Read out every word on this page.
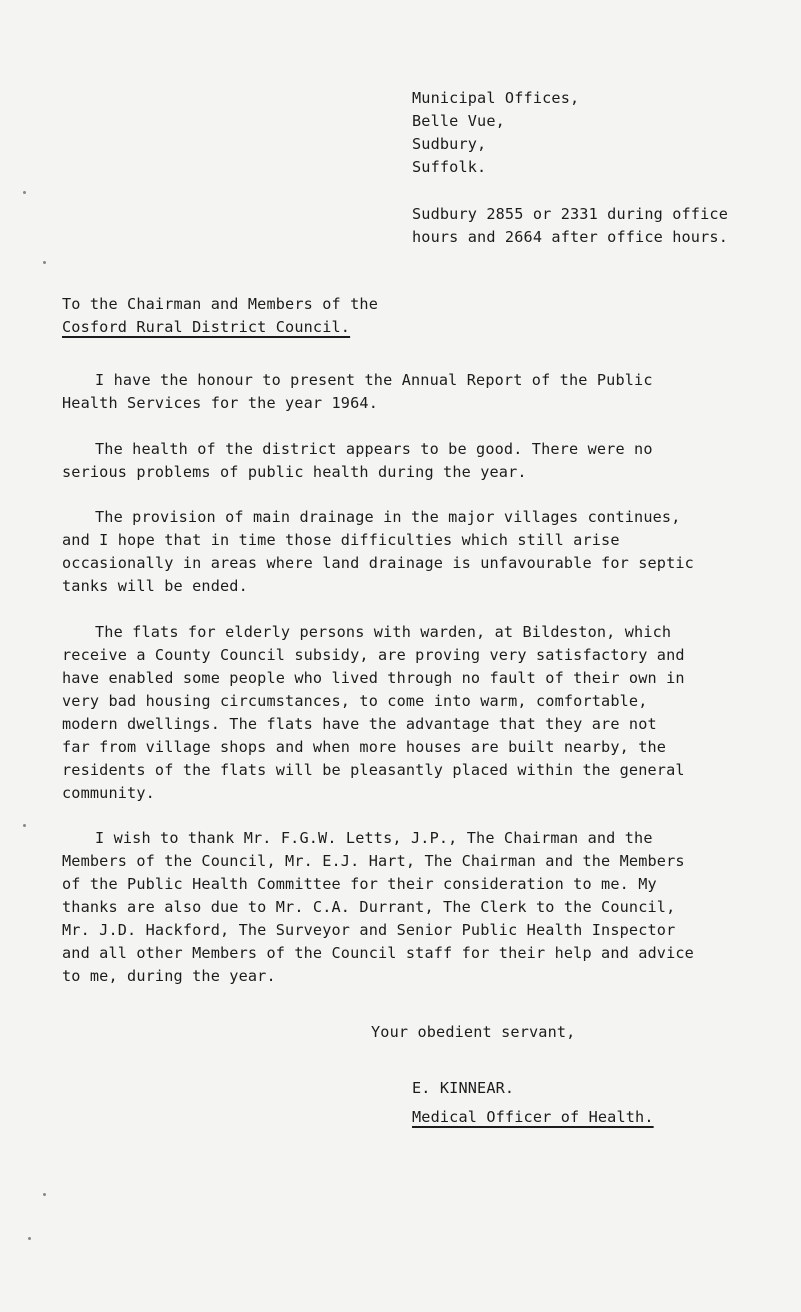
Municipal Offices,
Belle Vue,
Sudbury,
Suffolk.
Sudbury 2855 or 2331 during office
hours and 2664 after office hours.
To the Chairman and Members of the
Cosford Rural District Council.
I have the honour to present the Annual Report of the Public
Health Services for the year 1964.
The health of the district appears to be good. There were no
serious problems of public health during the year.
The provision of main drainage in the major villages continues,
and I hope that in time those difficulties which still arise
occasionally in areas where land drainage is unfavourable for septic
tanks will be ended.
The flats for elderly persons with warden, at Bildeston, which
receive a County Council subsidy, are proving very satisfactory and
have enabled some people who lived through no fault of their own in
very bad housing circumstances, to come into warm, comfortable,
modern dwellings. The flats have the advantage that they are not
far from village shops and when more houses are built nearby, the
residents of the flats will be pleasantly placed within the general
community.
I wish to thank Mr. F.G.W. Letts, J.P., The Chairman and the
Members of the Council, Mr. E.J. Hart, The Chairman and the Members
of the Public Health Committee for their consideration to me. My
thanks are also due to Mr. C.A. Durrant, The Clerk to the Council,
Mr. J.D. Hackford, The Surveyor and Senior Public Health Inspector
and all other Members of the Council staff for their help and advice
to me, during the year.
Your obedient servant,
E. KINNEAR.
Medical Officer of Health.
